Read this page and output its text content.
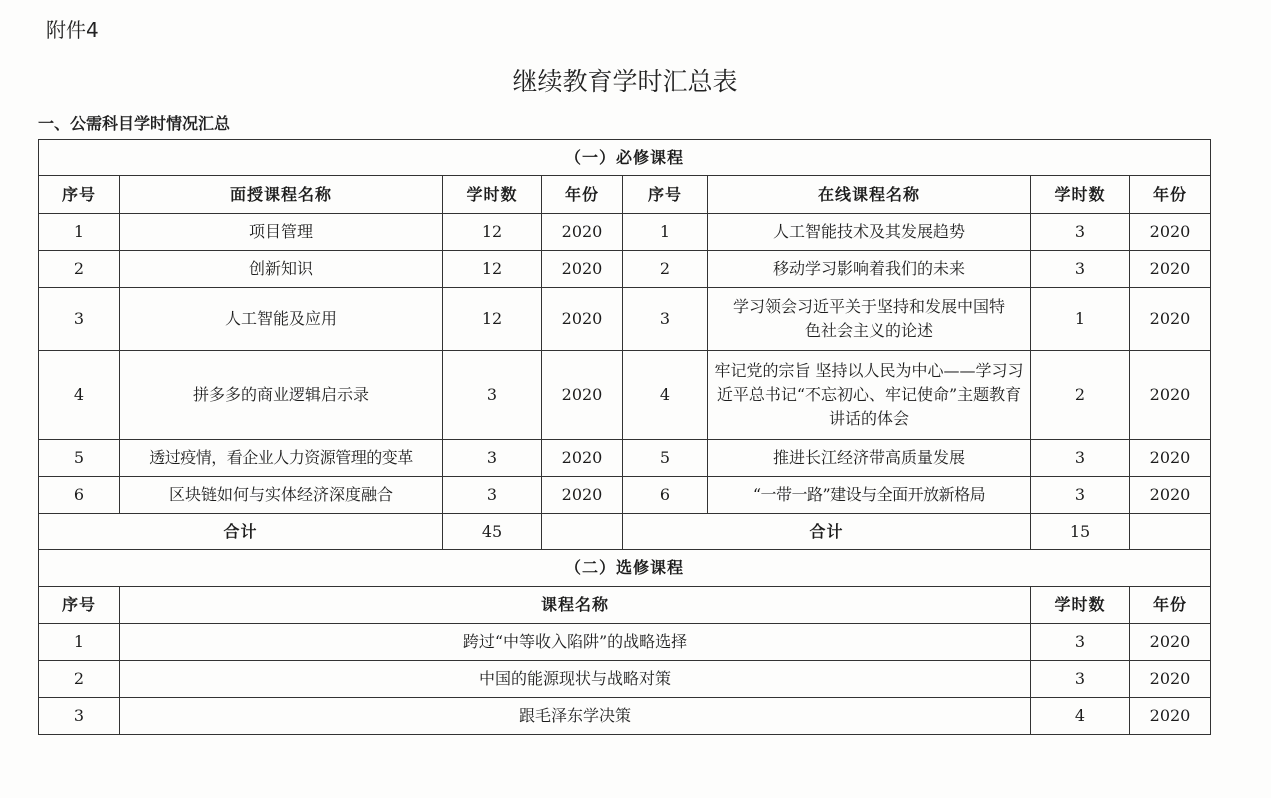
附件4
继续教育学时汇总表
一、公需科目学时情况汇总
（一）必修课程							
序号	面授课程名称	学时数	年份	序号	在线课程名称	学时数	年份
1	项目管理	12	2020	1	人工智能技术及其发展趋势	3	2020
2	创新知识	12	2020	2	移动学习影响着我们的未来	3	2020
3	人工智能及应用	12	2020	3	学习领会习近平关于坚持和发展中国特色社会主义的论述	1	2020
4	拼多多的商业逻辑启示录	3	2020	4	牢记党的宗旨 坚持以人民为中心——学习习近平总书记“不忘初心、牢记使命”主题教育讲话的体会	2	2020
5	透过疫情，看企业人力资源管理的变革	3	2020	5	推进长江经济带高质量发展	3	2020
6	区块链如何与实体经济深度融合	3	2020	6	“一带一路”建设与全面开放新格局	3	2020
合计		45		合计		15	
（二）选修课程							
序号	课程名称					学时数	年份
1	跨过“中等收入陷阱”的战略选择					3	2020
2	中国的能源现状与战略对策					3	2020
3	跟毛泽东学决策					4	2020
